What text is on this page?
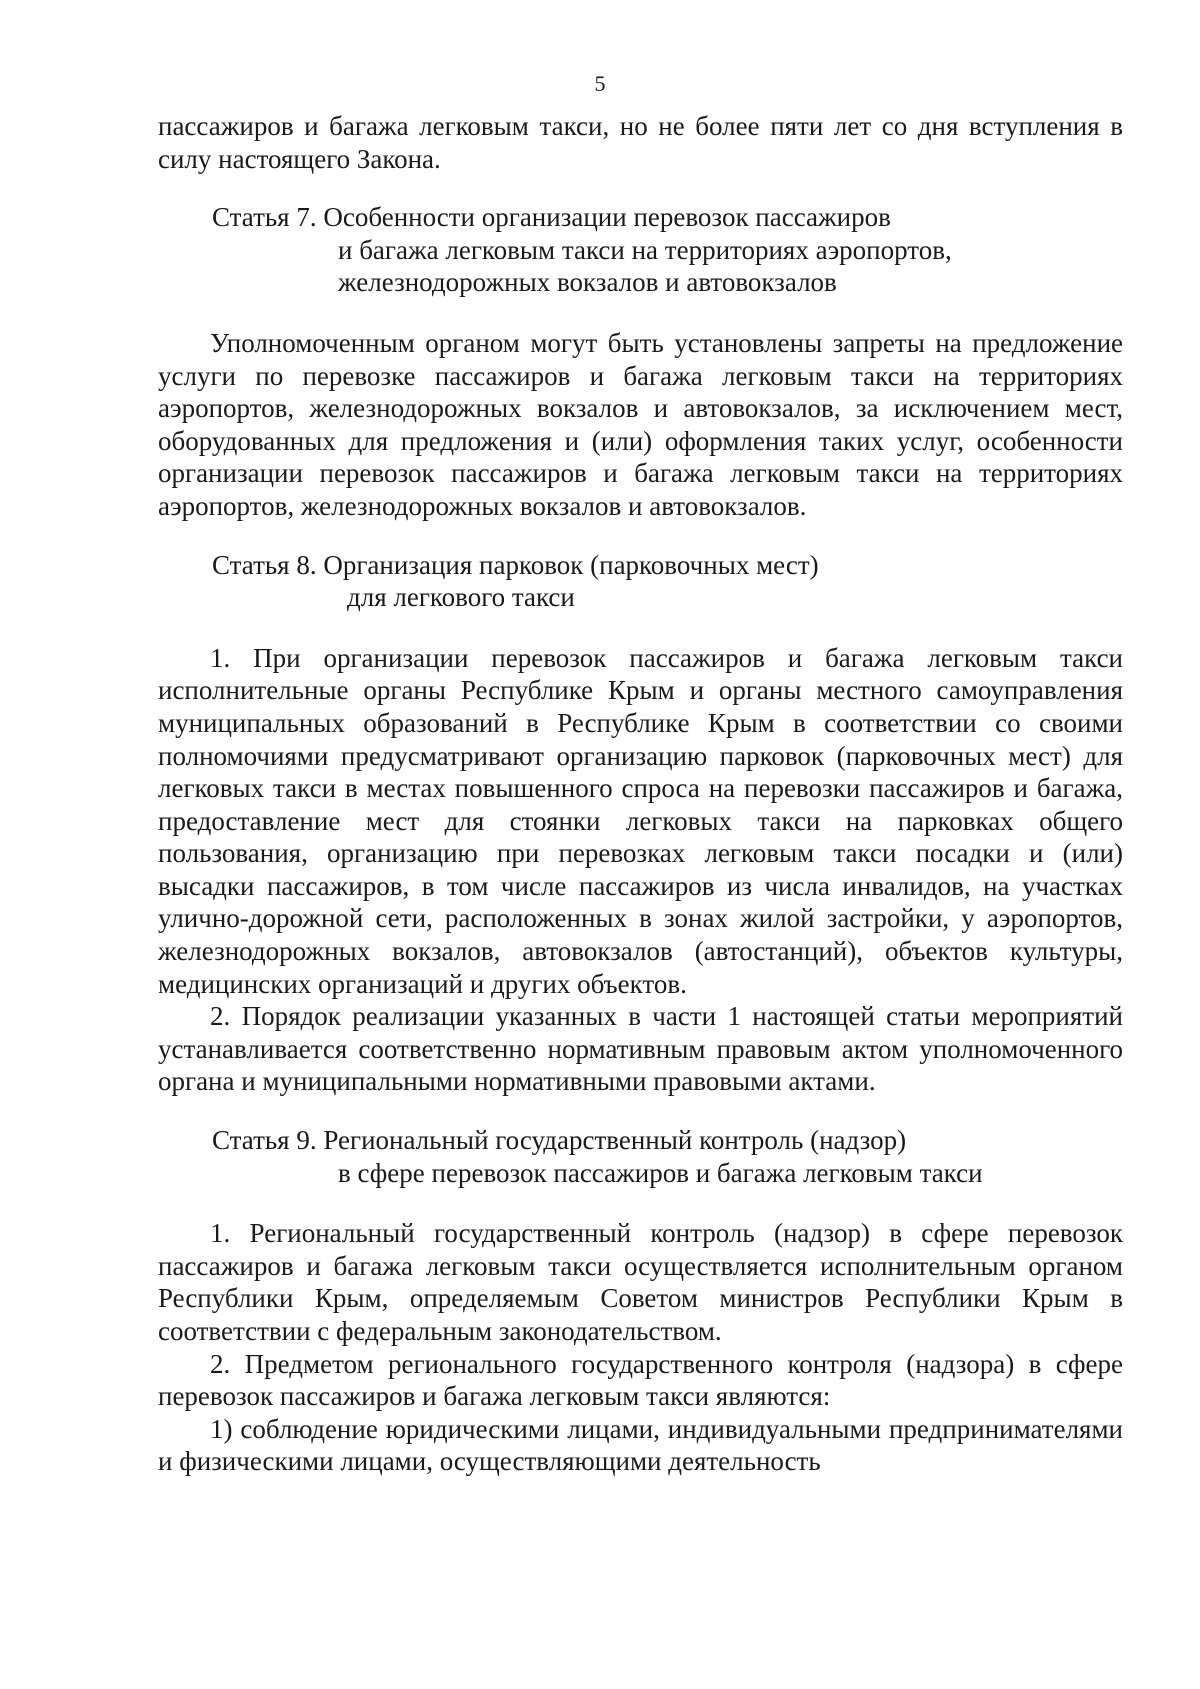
5

пассажиров и багажа легковым такси, но не более пяти лет со дня вступления в силу настоящего Закона.

Статья 7. Особенности организации перевозок пассажиров
и багажа легковым такси на территориях аэропортов,
железнодорожных вокзалов и автовокзалов

Уполномоченным органом могут быть установлены запреты на предложение услуги по перевозке пассажиров и багажа легковым такси на территориях аэропортов, железнодорожных вокзалов и автовокзалов, за исключением мест, оборудованных для предложения и (или) оформления таких услуг, особенности организации перевозок пассажиров и багажа легковым такси на территориях аэропортов, железнодорожных вокзалов и автовокзалов.

Статья 8. Организация парковок (парковочных мест)
для легкового такси

1. При организации перевозок пассажиров и багажа легковым такси исполнительные органы Республике Крым и органы местного самоуправления муниципальных образований в Республике Крым в соответствии со своими полномочиями предусматривают организацию парковок (парковочных мест) для легковых такси в местах повышенного спроса на перевозки пассажиров и багажа, предоставление мест для стоянки легковых такси на парковках общего пользования, организацию при перевозках легковым такси посадки и (или) высадки пассажиров, в том числе пассажиров из числа инвалидов, на участках улично-дорожной сети, расположенных в зонах жилой застройки, у аэропортов, железнодорожных вокзалов, автовокзалов (автостанций), объектов культуры, медицинских организаций и других объектов.

2. Порядок реализации указанных в части 1 настоящей статьи мероприятий устанавливается соответственно нормативным правовым актом уполномоченного органа и муниципальными нормативными правовыми актами.

Статья 9. Региональный государственный контроль (надзор)
в сфере перевозок пассажиров и багажа легковым такси

1. Региональный государственный контроль (надзор) в сфере перевозок пассажиров и багажа легковым такси осуществляется исполнительным органом Республики Крым, определяемым Советом министров Республики Крым в соответствии с федеральным законодательством.

2. Предметом регионального государственного контроля (надзора) в сфере перевозок пассажиров и багажа легковым такси являются:

1) соблюдение юридическими лицами, индивидуальными предпринимателями и физическими лицами, осуществляющими деятельность
